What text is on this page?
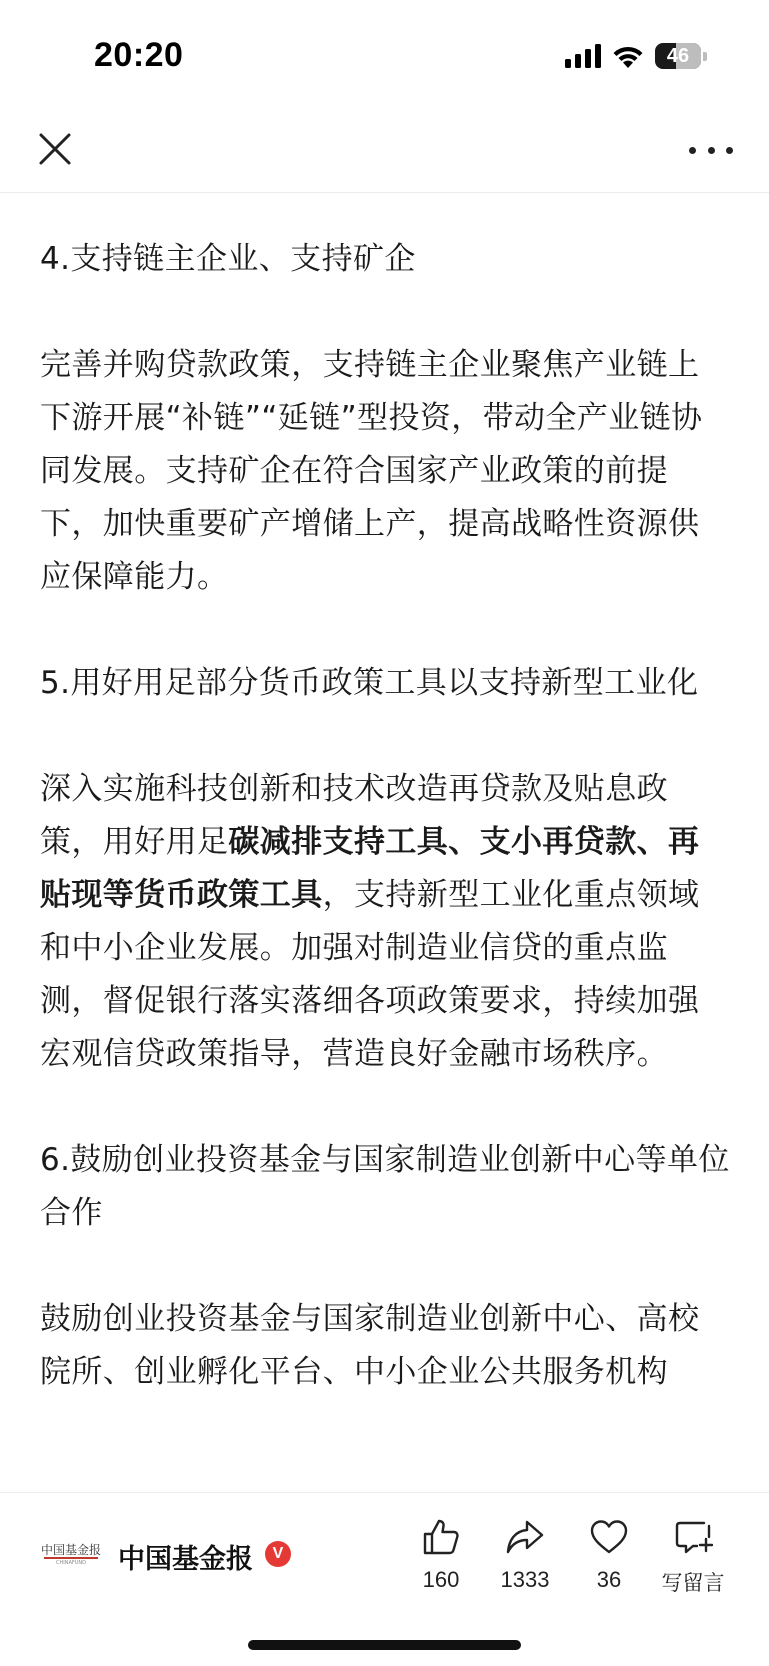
20:20	46

4.支持链主企业、支持矿企

完善并购贷款政策，支持链主企业聚焦产业链上下游开展“补链”“延链”型投资，带动全产业链协同发展。支持矿企在符合国家产业政策的前提下，加快重要矿产增储上产，提高战略性资源供应保障能力。

5.用好用足部分货币政策工具以支持新型工业化

深入实施科技创新和技术改造再贷款及贴息政策，用好用足碳减排支持工具、支小再贷款、再贴现等货币政策工具，支持新型工业化重点领域和中小企业发展。加强对制造业信贷的重点监测，督促银行落实落细各项政策要求，持续加强宏观信贷政策指导，营造良好金融市场秩序。

6.鼓励创业投资基金与国家制造业创新中心等单位合作

鼓励创业投资基金与国家制造业创新中心、高校院所、创业孵化平台、中小企业公共服务机构

中国基金报
CHINAFUND	中国基金报	V
160 1333 36 写留言
